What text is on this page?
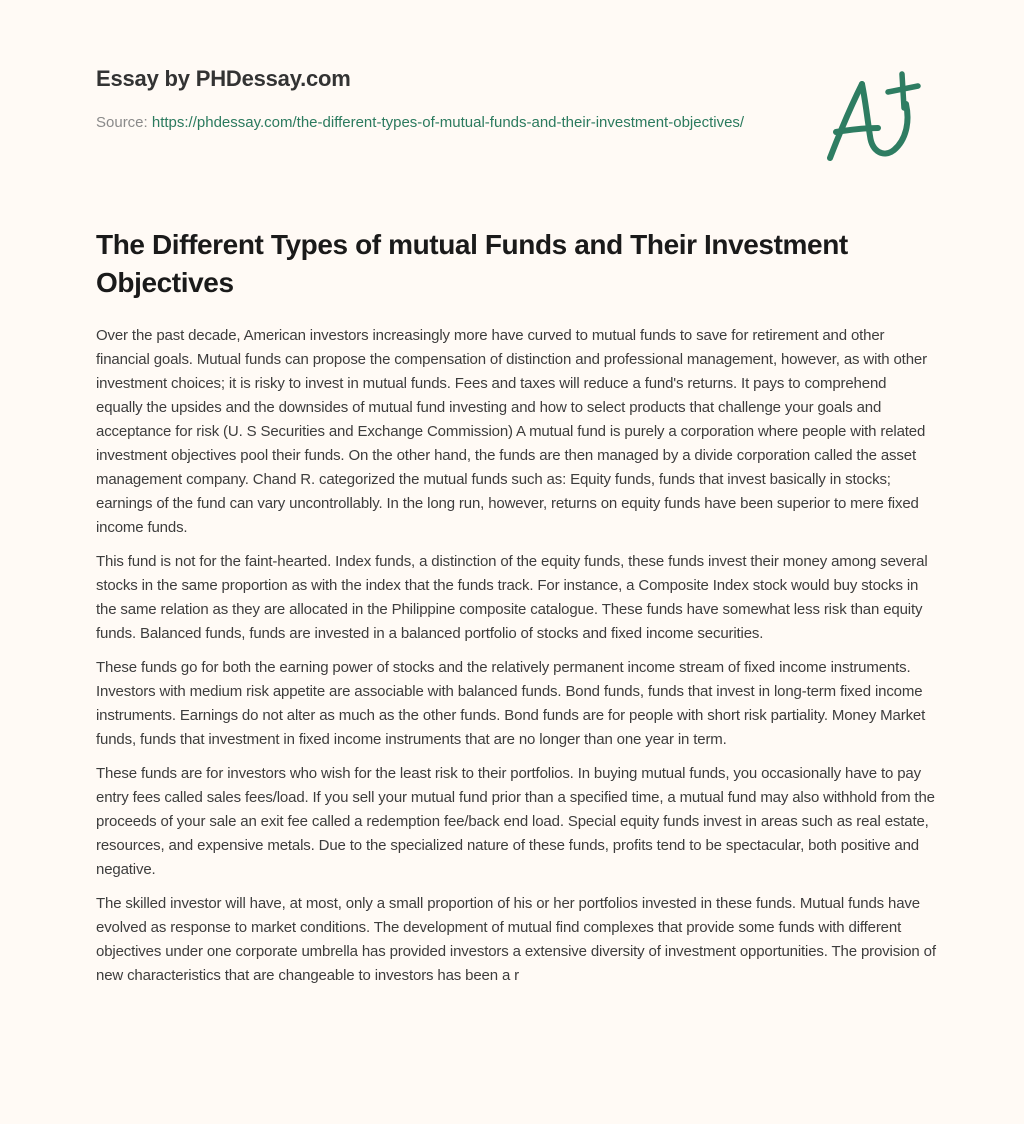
Essay by PHDessay.com
Source: https://phdessay.com/the-different-types-of-mutual-funds-and-their-investment-objectives/
The Different Types of mutual Funds and Their Investment Objectives

Over the past decade, American investors increasingly more have curved to mutual funds to save for retirement and other financial goals. Mutual funds can propose the compensation of distinction and professional management, however, as with other investment choices; it is risky to invest in mutual funds. Fees and taxes will reduce a fund's returns. It pays to comprehend equally the upsides and the downsides of mutual fund investing and how to select products that challenge your goals and acceptance for risk (U. S Securities and Exchange Commission) A mutual fund is purely a corporation where people with related investment objectives pool their funds. On the other hand, the funds are then managed by a divide corporation called the asset management company. Chand R. categorized the mutual funds such as: Equity funds, funds that invest basically in stocks; earnings of the fund can vary uncontrollably. In the long run, however, returns on equity funds have been superior to mere fixed income funds.

This fund is not for the faint-hearted. Index funds, a distinction of the equity funds, these funds invest their money among several stocks in the same proportion as with the index that the funds track. For instance, a Composite Index stock would buy stocks in the same relation as they are allocated in the Philippine composite catalogue. These funds have somewhat less risk than equity funds. Balanced funds, funds are invested in a balanced portfolio of stocks and fixed income securities.

These funds go for both the earning power of stocks and the relatively permanent income stream of fixed income instruments. Investors with medium risk appetite are associable with balanced funds. Bond funds, funds that invest in long-term fixed income instruments. Earnings do not alter as much as the other funds. Bond funds are for people with short risk partiality. Money Market funds, funds that investment in fixed income instruments that are no longer than one year in term.

These funds are for investors who wish for the least risk to their portfolios. In buying mutual funds, you occasionally have to pay entry fees called sales fees/load. If you sell your mutual fund prior than a specified time, a mutual fund may also withhold from the proceeds of your sale an exit fee called a redemption fee/back end load. Special equity funds invest in areas such as real estate, resources, and expensive metals. Due to the specialized nature of these funds, profits tend to be spectacular, both positive and negative.

The skilled investor will have, at most, only a small proportion of his or her portfolios invested in these funds. Mutual funds have evolved as response to market conditions. The development of mutual find complexes that provide some funds with different objectives under one corporate umbrella has provided investors a extensive diversity of investment opportunities. The provision of new characteristics that are changeable to investors has been a r
